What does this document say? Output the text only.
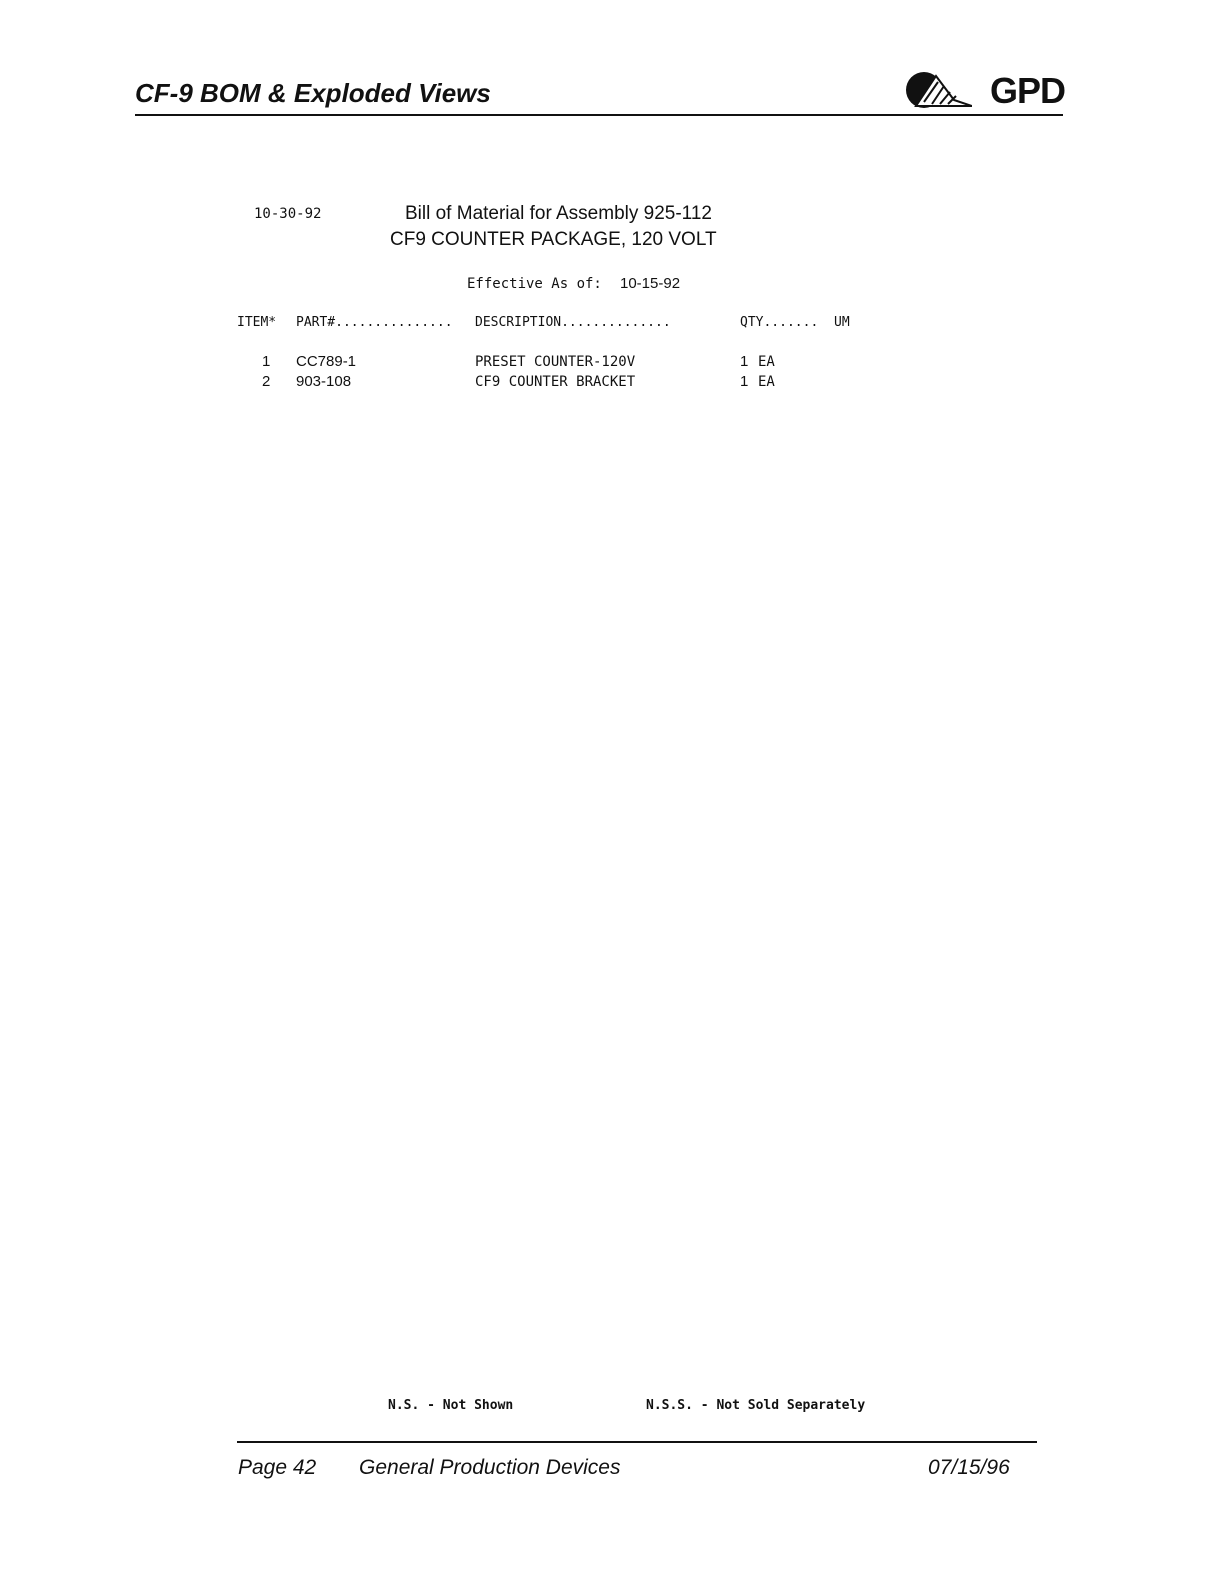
CF-9 BOM & Exploded Views	GPD
10-30-92	Bill of Material for Assembly 925-112
CF9 COUNTER PACKAGE, 120 VOLT
Effective As of: 10-15-92
ITEM* PART#............... DESCRIPTION..............	QTY....... UM
1 CC789-1	PRESET COUNTER-120V	1 EA
2 903-108	CF9 COUNTER BRACKET	1 EA
N.S. - Not Shown	N.S.S. - Not Sold Separately
Page 42 General Production Devices	07/15/96
